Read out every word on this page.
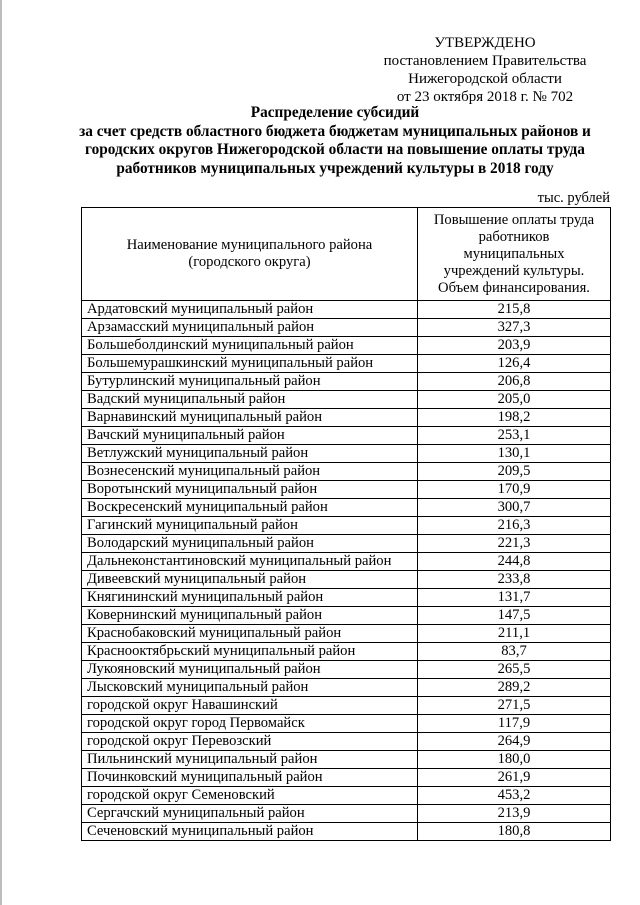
УТВЕРЖДЕНО
постановлением Правительства
Нижегородской области
от 23 октября 2018 г. № 702
Распределение субсидий
за счет средств областного бюджета бюджетам муниципальных районов и
городских округов Нижегородской области на повышение оплаты труда
работников муниципальных учреждений культуры в 2018 году
тыс. рублей
Наименование муниципального района
(городского округа)

Повышение оплаты труда
работников
муниципальных
учреждений культуры.
Объем финансирования.

Ардатовский муниципальный район	215,8
Арзамасский муниципальный район	327,3
Большеболдинский муниципальный район	203,9
Большемурашкинский муниципальный район	126,4
Бутурлинский муниципальный район	206,8
Вадский муниципальный район	205,0
Варнавинский муниципальный район	198,2
Вачский муниципальный район	253,1
Ветлужский муниципальный район	130,1
Вознесенский муниципальный район	209,5
Воротынский муниципальный район	170,9
Воскресенский муниципальный район	300,7
Гагинский муниципальный район	216,3
Володарский муниципальный район	221,3
Дальнеконстантиновский муниципальный район	244,8
Дивеевский муниципальный район	233,8
Княгининский муниципальный район	131,7
Ковернинский муниципальный район	147,5
Краснобаковский муниципальный район	211,1
Краснооктябрьский муниципальный район	83,7
Лукояновский муниципальный район	265,5
Лысковский муниципальный район	289,2
городской округ Навашинский	271,5
городской округ город Первомайск	117,9
городской округ Перевозский	264,9
Пильнинский муниципальный район	180,0
Починковский муниципальный район	261,9
городской округ Семеновский	453,2
Сергачский муниципальный район	213,9
Сеченовский муниципальный район	180,8
